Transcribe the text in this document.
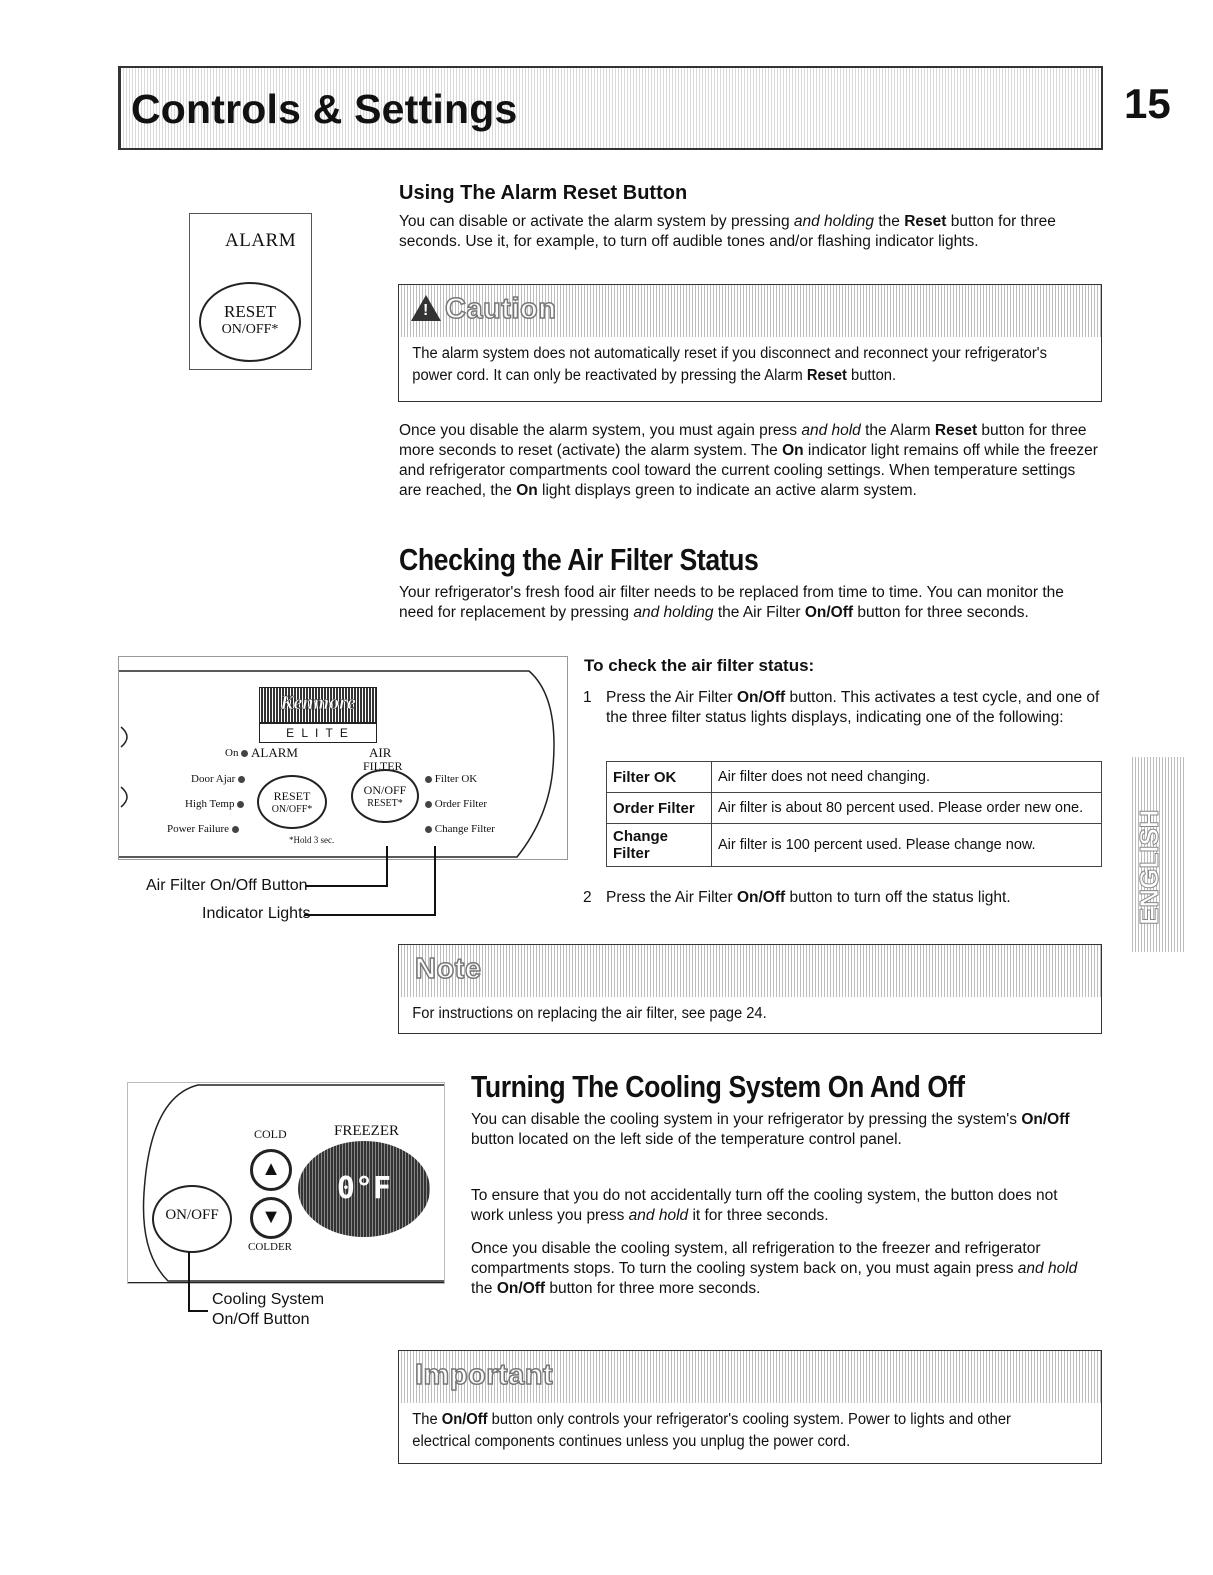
Controls & Settings	15
ALARM
RESET
ON/OFF*
Using The Alarm Reset Button
You can disable or activate the alarm system by pressing and holding the Reset button for three seconds. Use it, for example, to turn off audible tones and/or flashing indicator lights.
! Caution
The alarm system does not automatically reset if you disconnect and reconnect your refrigerator's power cord. It can only be reactivated by pressing the Alarm Reset button.
Once you disable the alarm system, you must again press and hold the Alarm Reset button for three more seconds to reset (activate) the alarm system. The On indicator light remains off while the freezer and refrigerator compartments cool toward the current cooling settings. When temperature settings are reached, the On light displays green to indicate an active alarm system.
Checking the Air Filter Status
Your refrigerator's fresh food air filter needs to be replaced from time to time. You can monitor the need for replacement by pressing and holding the Air Filter On/Off button for three seconds.
Kenmore
E L I T E
On ALARM	AIR
FILTER
Door Ajar
High Temp
Power Failure
RESET
ON/OFF*
ON/OFF
RESET*
*Hold 3 sec.
Filter OK
Order Filter
Change Filter
Air Filter On/Off Button
Indicator Lights
To check the air filter status:
1 Press the Air Filter On/Off button. This activates a test cycle, and one of the three filter status lights displays, indicating one of the following:
Filter OK	Air filter does not need changing.
Order Filter	Air filter is about 80 percent used. Please order new one.
Change Filter	Air filter is 100 percent used. Please change now.
2 Press the Air Filter On/Off button to turn off the status light.	ENGLISH
Note
For instructions on replacing the air filter, see page 24.
COLD	FREEZER
▲
▼
COLDER
ON/OFF
0°F
Cooling System
On/Off Button
Turning The Cooling System On And Off
You can disable the cooling system in your refrigerator by pressing the system's On/Off button located on the left side of the temperature control panel.
To ensure that you do not accidentally turn off the cooling system, the button does not work unless you press and hold it for three seconds.
Once you disable the cooling system, all refrigeration to the freezer and refrigerator compartments stops. To turn the cooling system back on, you must again press and hold the On/Off button for three more seconds.
Important
The On/Off button only controls your refrigerator's cooling system. Power to lights and other electrical components continues unless you unplug the power cord.
